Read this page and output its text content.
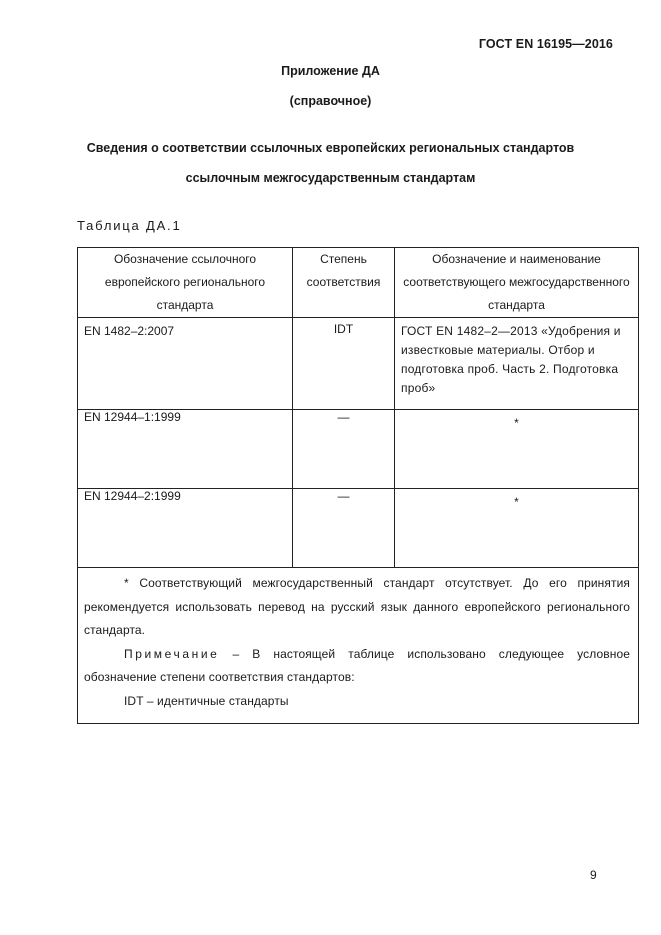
ГОСТ EN 16195—2016
Приложение ДА
(справочное)
Сведения о соответствии ссылочных европейских региональных стандартов
ссылочным межгосударственным стандартам
Таблица ДА.1
Обозначение ссылочного европейского регионального стандарта	Степень соответствия	Обозначение и наименование соответствующего межгосударственного стандарта
EN 1482–2:2007	IDT	ГОСТ EN 1482–2—2013 «Удобрения и известковые материалы. Отбор и подготовка проб. Часть 2. Подготовка проб»
EN 12944–1:1999	—	*
EN 12944–2:1999	—	*

* Соответствующий межгосударственный стандарт отсутствует. До его принятия рекомендуется использовать перевод на русский язык данного европейского регионального стандарта.

Примечание – В настоящей таблице использовано следующее условное обозначение степени соответствия стандартов:

IDT – идентичные стандарты		

9
